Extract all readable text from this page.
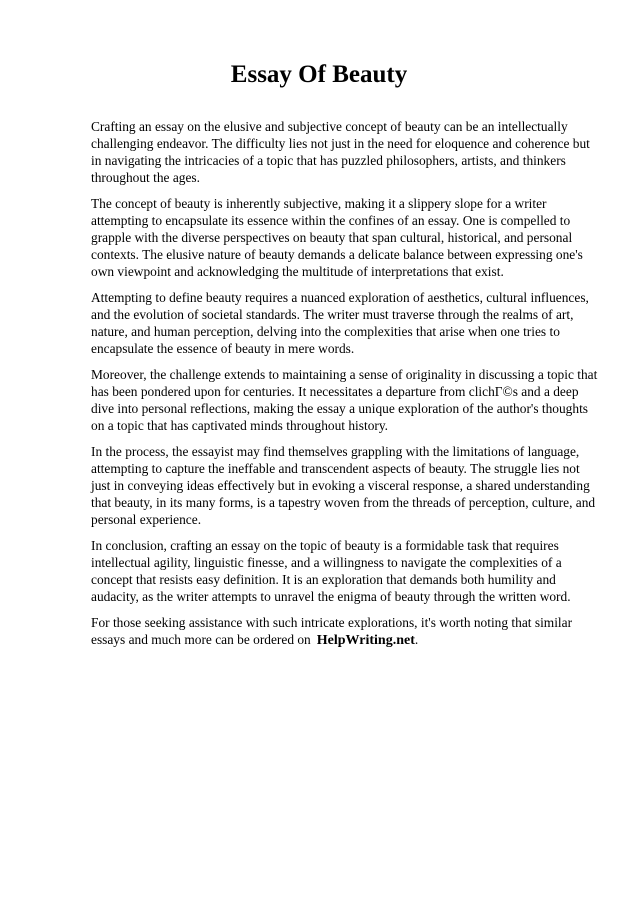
Essay Of Beauty

Crafting an essay on the elusive and subjective concept of beauty can be an intellectually challenging endeavor. The difficulty lies not just in the need for eloquence and coherence but in navigating the intricacies of a topic that has puzzled philosophers, artists, and thinkers throughout the ages.

The concept of beauty is inherently subjective, making it a slippery slope for a writer attempting to encapsulate its essence within the confines of an essay. One is compelled to grapple with the diverse perspectives on beauty that span cultural, historical, and personal contexts. The elusive nature of beauty demands a delicate balance between expressing one's own viewpoint and acknowledging the multitude of interpretations that exist.

Attempting to define beauty requires a nuanced exploration of aesthetics, cultural influences, and the evolution of societal standards. The writer must traverse through the realms of art, nature, and human perception, delving into the complexities that arise when one tries to encapsulate the essence of beauty in mere words.

Moreover, the challenge extends to maintaining a sense of originality in discussing a topic that has been pondered upon for centuries. It necessitates a departure from clichГ©s and a deep dive into personal reflections, making the essay a unique exploration of the author's thoughts on a topic that has captivated minds throughout history.

In the process, the essayist may find themselves grappling with the limitations of language, attempting to capture the ineffable and transcendent aspects of beauty. The struggle lies not just in conveying ideas effectively but in evoking a visceral response, a shared understanding that beauty, in its many forms, is a tapestry woven from the threads of perception, culture, and personal experience.

In conclusion, crafting an essay on the topic of beauty is a formidable task that requires intellectual agility, linguistic finesse, and a willingness to navigate the complexities of a concept that resists easy definition. It is an exploration that demands both humility and audacity, as the writer attempts to unravel the enigma of beauty through the written word.

For those seeking assistance with such intricate explorations, it's worth noting that similar essays and much more can be ordered on HelpWriting.net.
